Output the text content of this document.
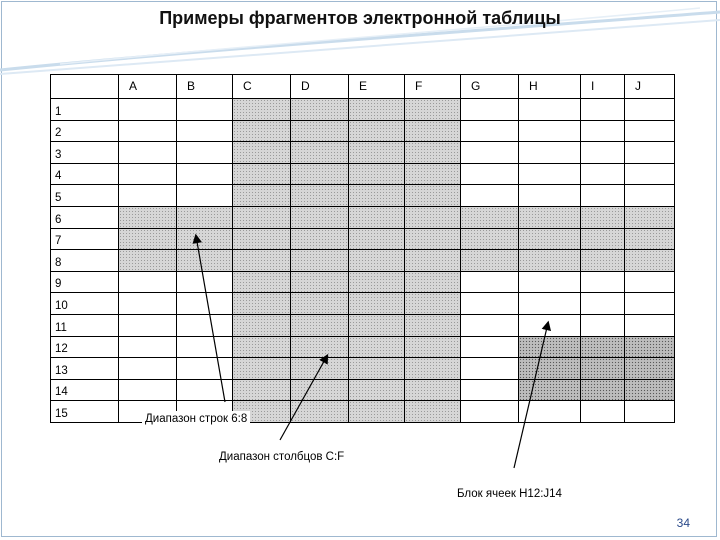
Примеры фрагментов электронной таблицы
A	B	C	D	E	F	G	H	I	J
1
2
3
4
5
6
7
8
9
10
11
12
13
14
15	Диапазон строк 6:8
Диапазон столбцов C:F
Блок ячеек H12:J14
34
